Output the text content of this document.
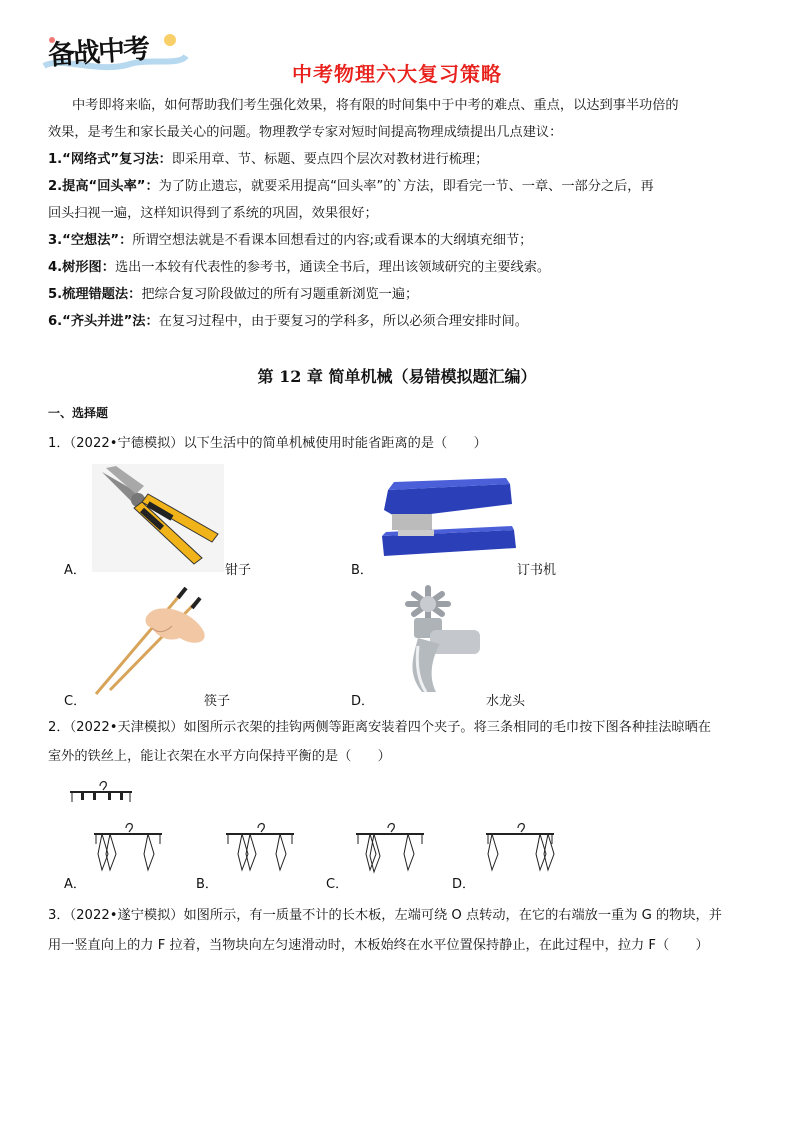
备战中考
中考物理六大复习策略
中考即将来临，如何帮助我们考生强化效果，将有限的时间集中于中考的难点、重点，以达到事半功倍的
效果，是考生和家长最关心的问题。物理教学专家对短时间提高物理成绩提出几点建议：
1.“网络式”复习法：即采用章、节、标题、要点四个层次对教材进行梳理；
2.提高“回头率”：为了防止遗忘，就要采用提高“回头率”的`方法，即看完一节、一章、一部分之后，再
回头扫视一遍，这样知识得到了系统的巩固，效果很好；
3.“空想法”：所谓空想法就是不看课本回想看过的内容;或看课本的大纲填充细节；
4.树形图：选出一本较有代表性的参考书，通读全书后，理出该领域研究的主要线索。
5.梳理错题法：把综合复习阶段做过的所有习题重新浏览一遍；
6.“齐头并进”法：在复习过程中，由于要复习的学科多，所以必须合理安排时间。
第 12 章 简单机械（易错模拟题汇编）
一、选择题
1．（2022•宁德模拟）以下生活中的简单机械使用时能省距离的是（　　）
A．	钳子	B．	订书机
C．	筷子	D．	水龙头
2．（2022•天津模拟）如图所示衣架的挂钩两侧等距离安装着四个夹子。将三条相同的毛巾按下图各种挂法晾晒在
室外的铁丝上，能让衣架在水平方向保持平衡的是（　　）
A．	B．	C．	D．
3．（2022•遂宁模拟）如图所示，有一质量不计的长木板，左端可绕 O 点转动，在它的右端放一重为 G 的物块，并
用一竖直向上的力 F 拉着，当物块向左匀速滑动时，木板始终在水平位置保持静止，在此过程中，拉力 F（　　）
